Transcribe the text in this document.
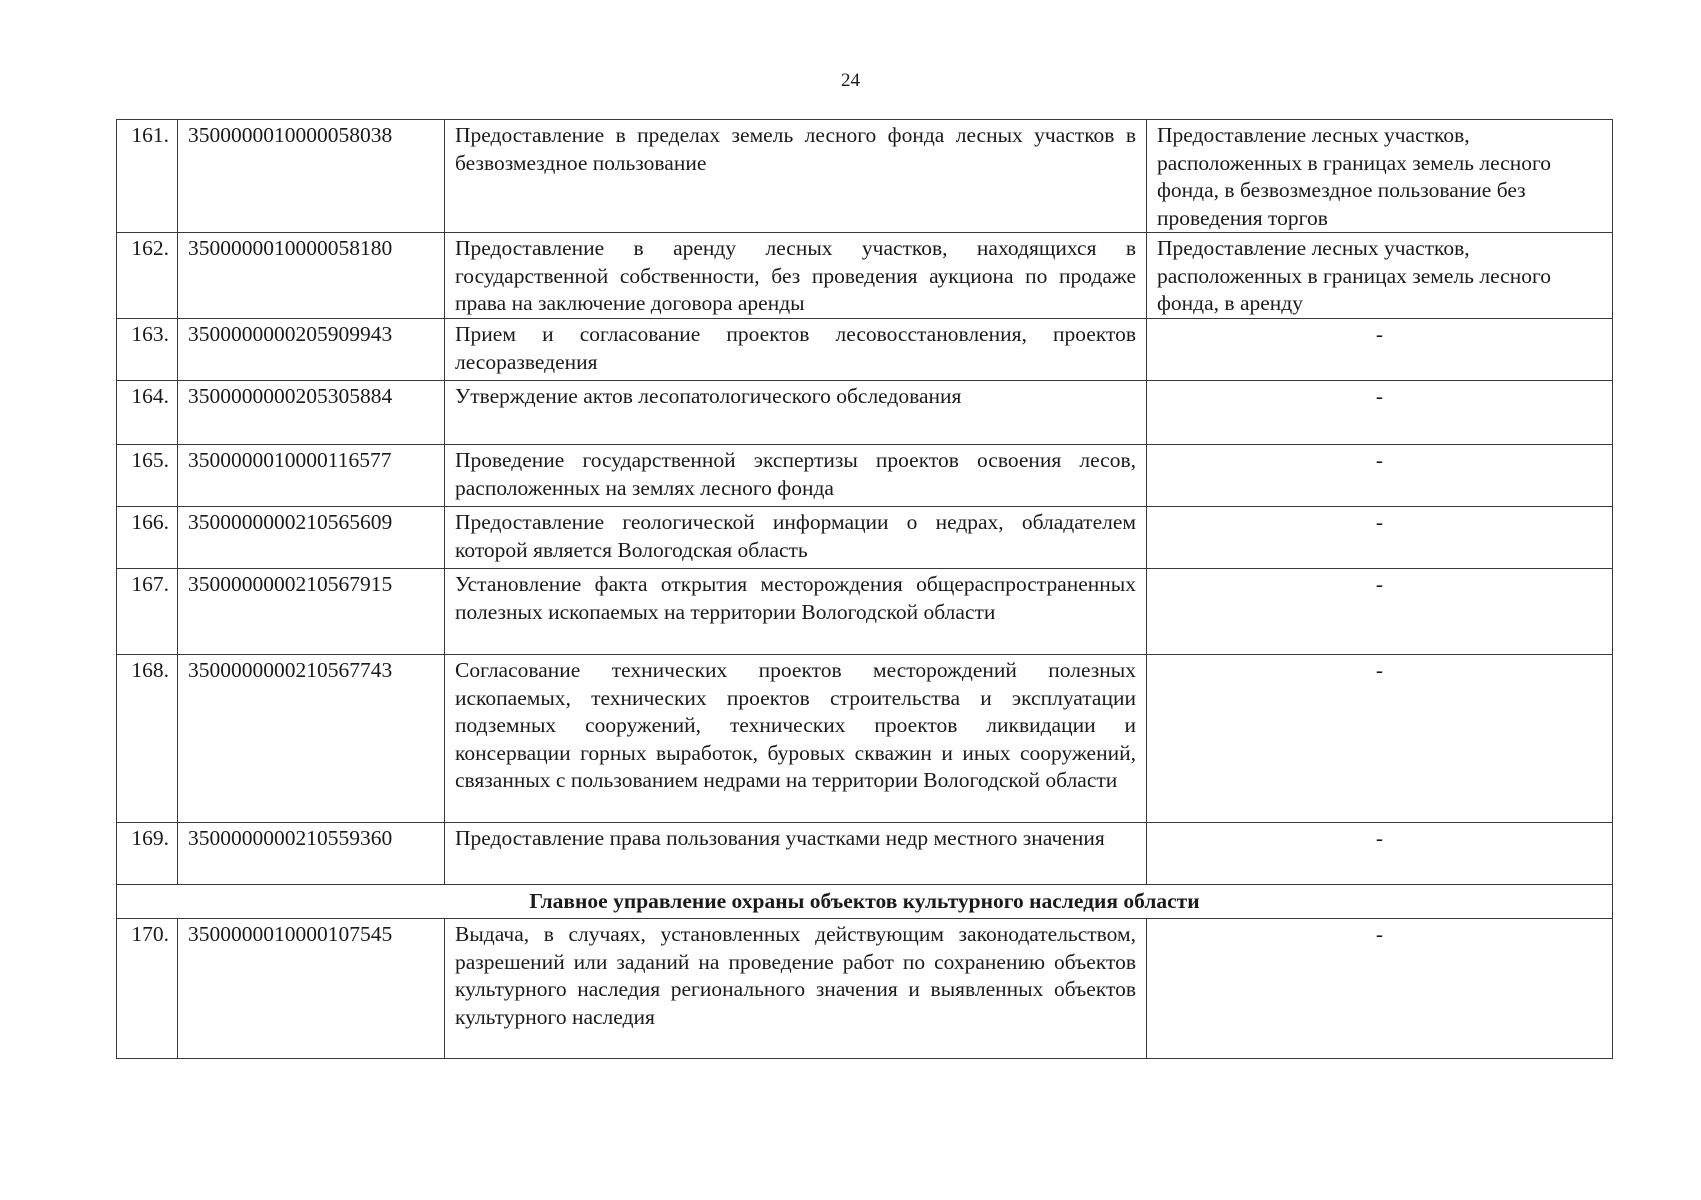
24
161.	3500000010000058038	Предоставление в пределах земель лесного фонда лесных участков в безвозмездное пользование	Предоставление лесных участков, расположенных в границах земель лесного фонда, в безвозмездное пользование без проведения торгов
162.	3500000010000058180	Предоставление в аренду лесных участков, находящихся в государственной собственности, без проведения аукциона по продаже права на заключение договора аренды	Предоставление лесных участков, расположенных в границах земель лесного фонда, в аренду
163.	3500000000205909943	Прием и согласование проектов лесовосстановления, проектов лесоразведения	-
164.	3500000000205305884	Утверждение актов лесопатологического обследования	-
165.	3500000010000116577	Проведение государственной экспертизы проектов освоения лесов, расположенных на землях лесного фонда	-
166.	3500000000210565609	Предоставление геологической информации о недрах, обладателем которой является Вологодская область	-
167.	3500000000210567915	Установление факта открытия месторождения общераспространенных полезных ископаемых на территории Вологодской области	-
168.	3500000000210567743	Согласование технических проектов месторождений полезных ископаемых, технических проектов строительства и эксплуатации подземных сооружений, технических проектов ликвидации и консервации горных выработок, буровых скважин и иных сооружений, связанных с пользованием недрами на территории Вологодской области	-
169.	3500000000210559360	Предоставление права пользования участками недр местного значения	-
Главное управление охраны объектов культурного наследия области			
170.	3500000010000107545	Выдача, в случаях, установленных действующим законодательством, разрешений или заданий на проведение работ по сохранению объектов культурного наследия регионального значения и выявленных объектов культурного наследия	-
